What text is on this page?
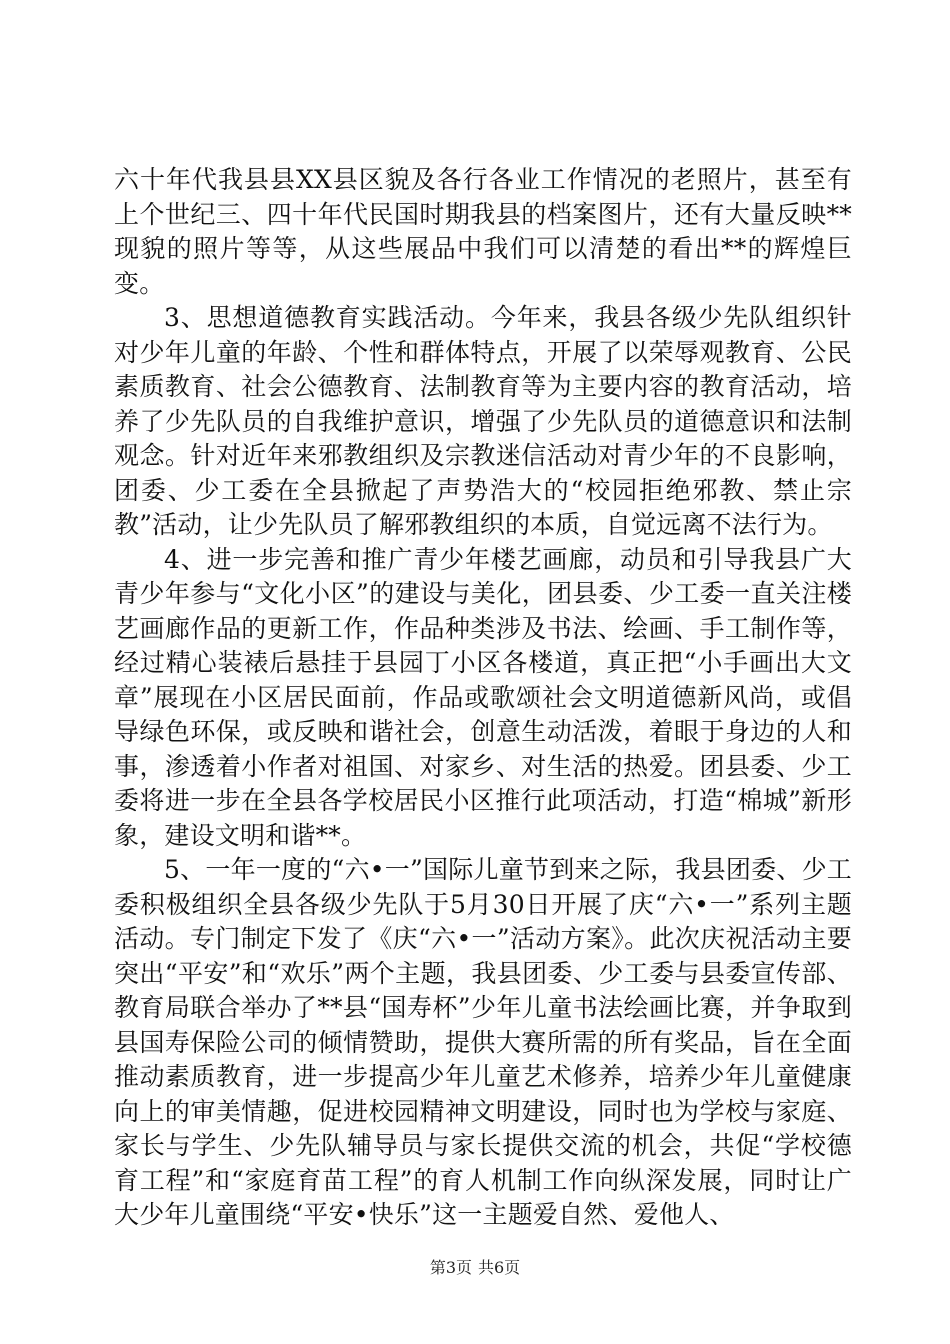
六十年代我县县XX县区貌及各行各业工作情况的老照片，甚至有上个世纪三、四十年代民国时期我县的档案图片，还有大量反映**现貌的照片等等，从这些展品中我们可以清楚的看出**的辉煌巨变。

3、思想道德教育实践活动。今年来，我县各级少先队组织针对少年儿童的年龄、个性和群体特点，开展了以荣辱观教育、公民素质教育、社会公德教育、法制教育等为主要内容的教育活动，培养了少先队员的自我维护意识，增强了少先队员的道德意识和法制观念。针对近年来邪教组织及宗教迷信活动对青少年的不良影响，团委、少工委在全县掀起了声势浩大的“校园拒绝邪教、禁止宗教”活动，让少先队员了解邪教组织的本质，自觉远离不法行为。

4、进一步完善和推广青少年楼艺画廊，动员和引导我县广大青少年参与“文化小区”的建设与美化，团县委、少工委一直关注楼艺画廊作品的更新工作，作品种类涉及书法、绘画、手工制作等，经过精心装裱后悬挂于县园丁小区各楼道，真正把“小手画出大文章”展现在小区居民面前，作品或歌颂社会文明道德新风尚，或倡导绿色环保，或反映和谐社会，创意生动活泼，着眼于身边的人和事，渗透着小作者对祖国、对家乡、对生活的热爱。团县委、少工委将进一步在全县各学校居民小区推行此项活动，打造“棉城”新形象，建设文明和谐**。

5、一年一度的“六•一”国际儿童节到来之际，我县团委、少工委积极组织全县各级少先队于5月30日开展了庆“六•一”系列主题活动。专门制定下发了《庆“六•一”活动方案》。此次庆祝活动主要突出“平安”和“欢乐”两个主题，我县团委、少工委与县委宣传部、教育局联合举办了**县“国寿杯”少年儿童书法绘画比赛，并争取到县国寿保险公司的倾情赞助，提供大赛所需的所有奖品，旨在全面推动素质教育，进一步提高少年儿童艺术修养，培养少年儿童健康向上的审美情趣，促进校园精神文明建设，同时也为学校与家庭、家长与学生、少先队辅导员与家长提供交流的机会，共促“学校德育工程”和“家庭育苗工程”的育人机制工作向纵深发展，同时让广大少年儿童围绕“平安•快乐”这一主题爱自然、爱他人、

第3页 共6页
